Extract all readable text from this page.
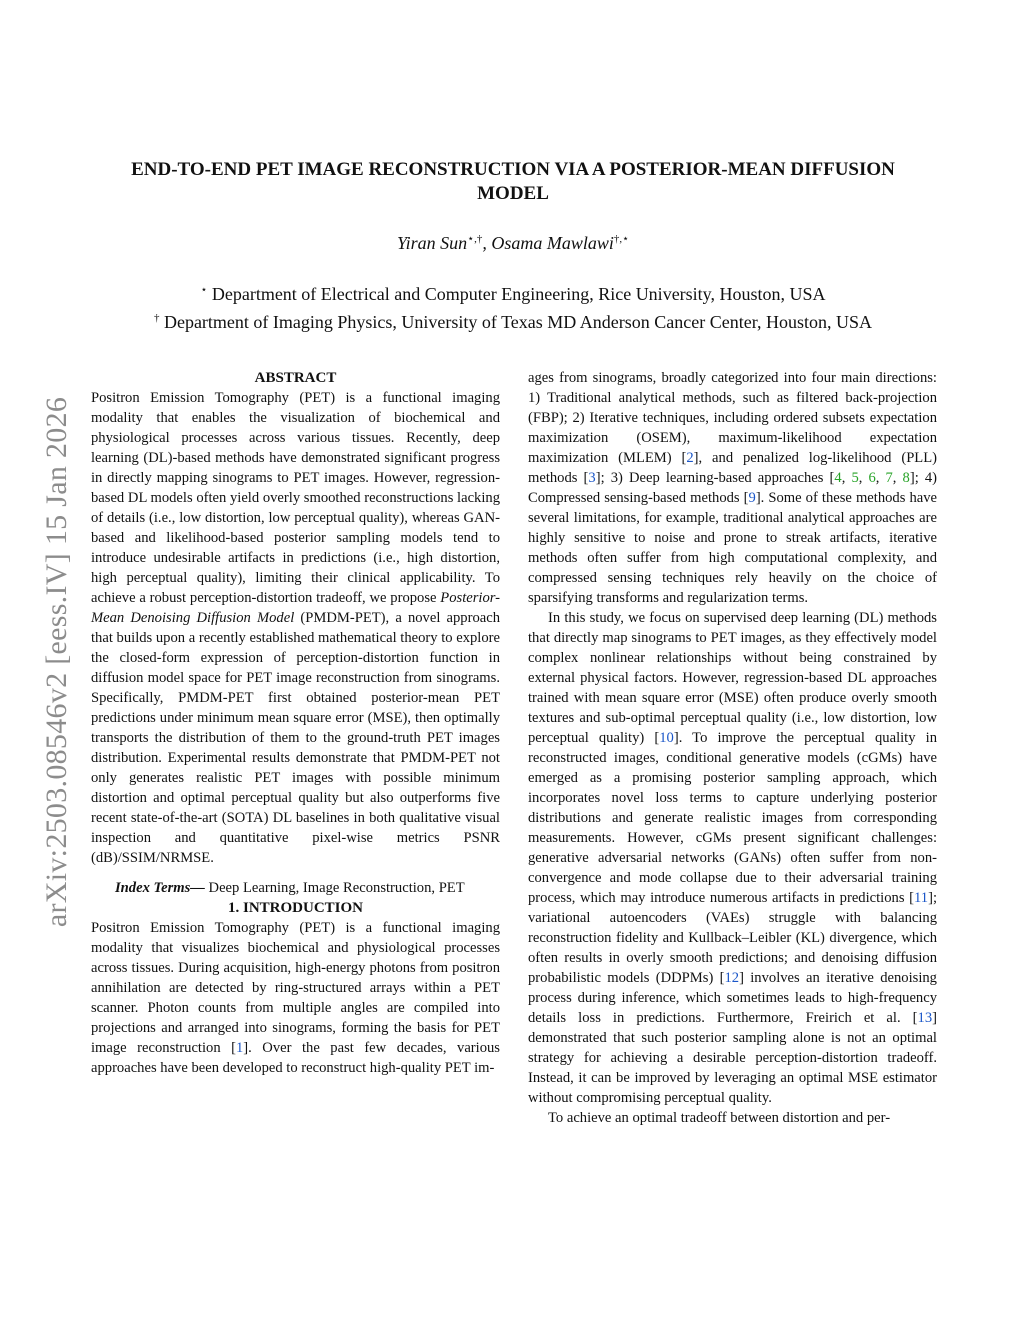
arXiv:2503.08546v2 [eess.IV] 15 Jan 2026
END-TO-END PET IMAGE RECONSTRUCTION VIA A POSTERIOR-MEAN DIFFUSION
MODEL
Yiran Sun⋆,†, Osama Mawlawi†,⋆
⋆ Department of Electrical and Computer Engineering, Rice University, Houston, USA
† Department of Imaging Physics, University of Texas MD Anderson Cancer Center, Houston, USA

ABSTRACT

Positron Emission Tomography (PET) is a functional imaging modality that enables the visualization of biochemical and physiological processes across various tissues. Recently, deep learning (DL)-based methods have demonstrated significant progress in directly mapping sinograms to PET images. However, regression-based DL models often yield overly smoothed reconstructions lacking of details (i.e., low distortion, low perceptual quality), whereas GAN-based and likelihood-based posterior sampling models tend to introduce undesirable artifacts in predictions (i.e., high distortion, high perceptual quality), limiting their clinical applicability. To achieve a robust perception-distortion tradeoff, we propose Posterior-Mean Denoising Diffusion Model (PMDM-PET), a novel approach that builds upon a recently established mathematical theory to explore the closed-form expression of perception-distortion function in diffusion model space for PET image reconstruction from sinograms. Specifically, PMDM-PET first obtained posterior-mean PET predictions under minimum mean square error (MSE), then optimally transports the distribution of them to the ground-truth PET images distribution. Experimental results demonstrate that PMDM-PET not only generates realistic PET images with possible minimum distortion and optimal perceptual quality but also outperforms five recent state-of-the-art (SOTA) DL baselines in both qualitative visual inspection and quantitative pixel-wise metrics PSNR (dB)/SSIM/NRMSE.

Index Terms— Deep Learning, Image Reconstruction, PET

1. INTRODUCTION

Positron Emission Tomography (PET) is a functional imaging modality that visualizes biochemical and physiological processes across tissues. During acquisition, high-energy photons from positron annihilation are detected by ring-structured arrays within a PET scanner. Photon counts from multiple angles are compiled into projections and arranged into sinograms, forming the basis for PET image reconstruction [1]. Over the past few decades, various approaches have been developed to reconstruct high-quality PET im-

ages from sinograms, broadly categorized into four main directions: 1) Traditional analytical methods, such as filtered back-projection (FBP); 2) Iterative techniques, including ordered subsets expectation maximization (OSEM), maximum-likelihood expectation maximization (MLEM) [2], and penalized log-likelihood (PLL) methods [3]; 3) Deep learning-based approaches [4, 5, 6, 7, 8]; 4) Compressed sensing-based methods [9]. Some of these methods have several limitations, for example, traditional analytical approaches are highly sensitive to noise and prone to streak artifacts, iterative methods often suffer from high computational complexity, and compressed sensing techniques rely heavily on the choice of sparsifying transforms and regularization terms.

In this study, we focus on supervised deep learning (DL) methods that directly map sinograms to PET images, as they effectively model complex nonlinear relationships without being constrained by external physical factors. However, regression-based DL approaches trained with mean square error (MSE) often produce overly smooth textures and sub-optimal perceptual quality (i.e., low distortion, low perceptual quality) [10]. To improve the perceptual quality in reconstructed images, conditional generative models (cGMs) have emerged as a promising posterior sampling approach, which incorporates novel loss terms to capture underlying posterior distributions and generate realistic images from corresponding measurements. However, cGMs present significant challenges: generative adversarial networks (GANs) often suffer from non-convergence and mode collapse due to their adversarial training process, which may introduce numerous artifacts in predictions [11]; variational autoencoders (VAEs) struggle with balancing reconstruction fidelity and Kullback–Leibler (KL) divergence, which often results in overly smooth predictions; and denoising diffusion probabilistic models (DDPMs) [12] involves an iterative denoising process during inference, which sometimes leads to high-frequency details loss in predictions. Furthermore, Freirich et al. [13] demonstrated that such posterior sampling alone is not an optimal strategy for achieving a desirable perception-distortion tradeoff. Instead, it can be improved by leveraging an optimal MSE estimator without compromising perceptual quality.

To achieve an optimal tradeoff between distortion and per-
